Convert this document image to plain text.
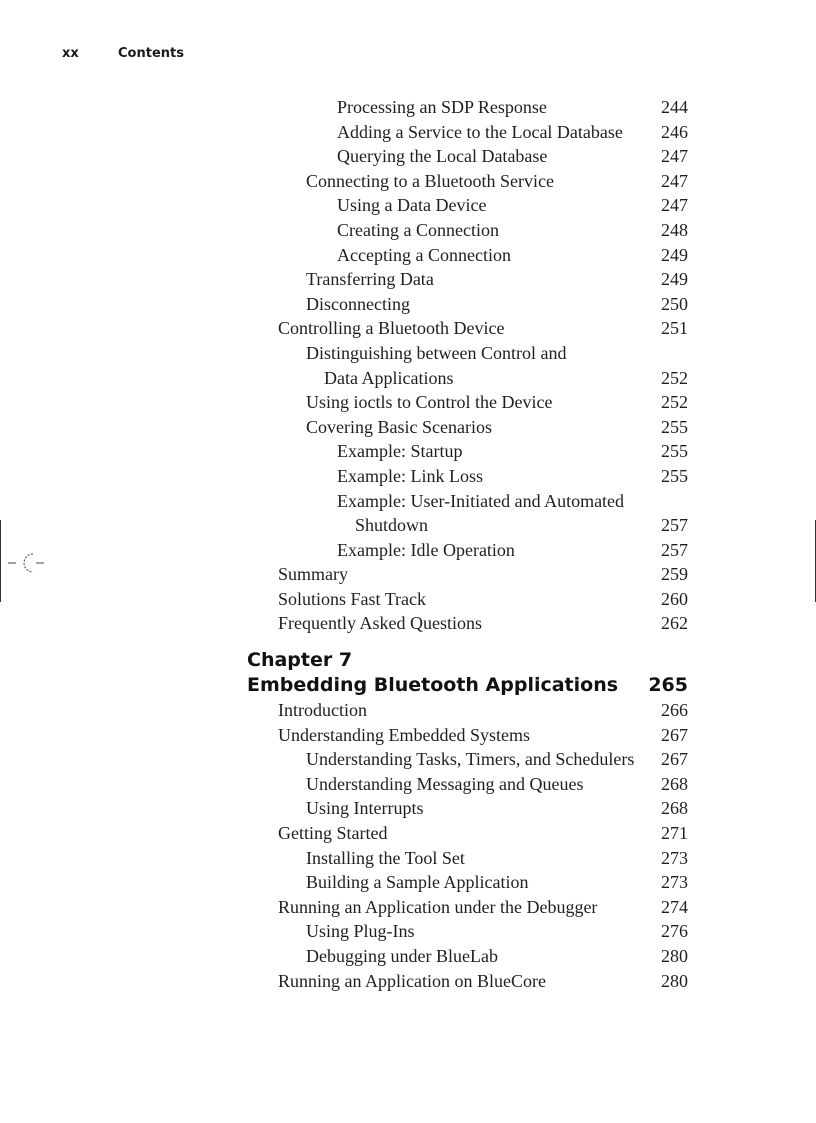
xx	Contents
Processing an SDP Response	244
Adding a Service to the Local Database 246
Querying the Local Database	247
Connecting to a Bluetooth Service	247
Using a Data Device	247
Creating a Connection	248
Accepting a Connection	249
Transferring Data	249
Disconnecting	250
Controlling a Bluetooth Device	251
Distinguishing between Control and
Data Applications	252
Using ioctls to Control the Device	252
Covering Basic Scenarios	255
Example: Startup	255
Example: Link Loss	255
Example: User-Initiated and Automated
Shutdown	257
Example: Idle Operation	257
Summary	259
Solutions Fast Track	260
Frequently Asked Questions	262
Chapter 7
Embedding Bluetooth Applications 265
Introduction	266
Understanding Embedded Systems	267
Understanding Tasks, Timers, and Schedulers 267
Understanding Messaging and Queues	268
Using Interrupts	268
Getting Started	271
Installing the Tool Set	273
Building a Sample Application	273
Running an Application under the Debugger	274
Using Plug-Ins	276
Debugging under BlueLab	280
Running an Application on BlueCore	280
